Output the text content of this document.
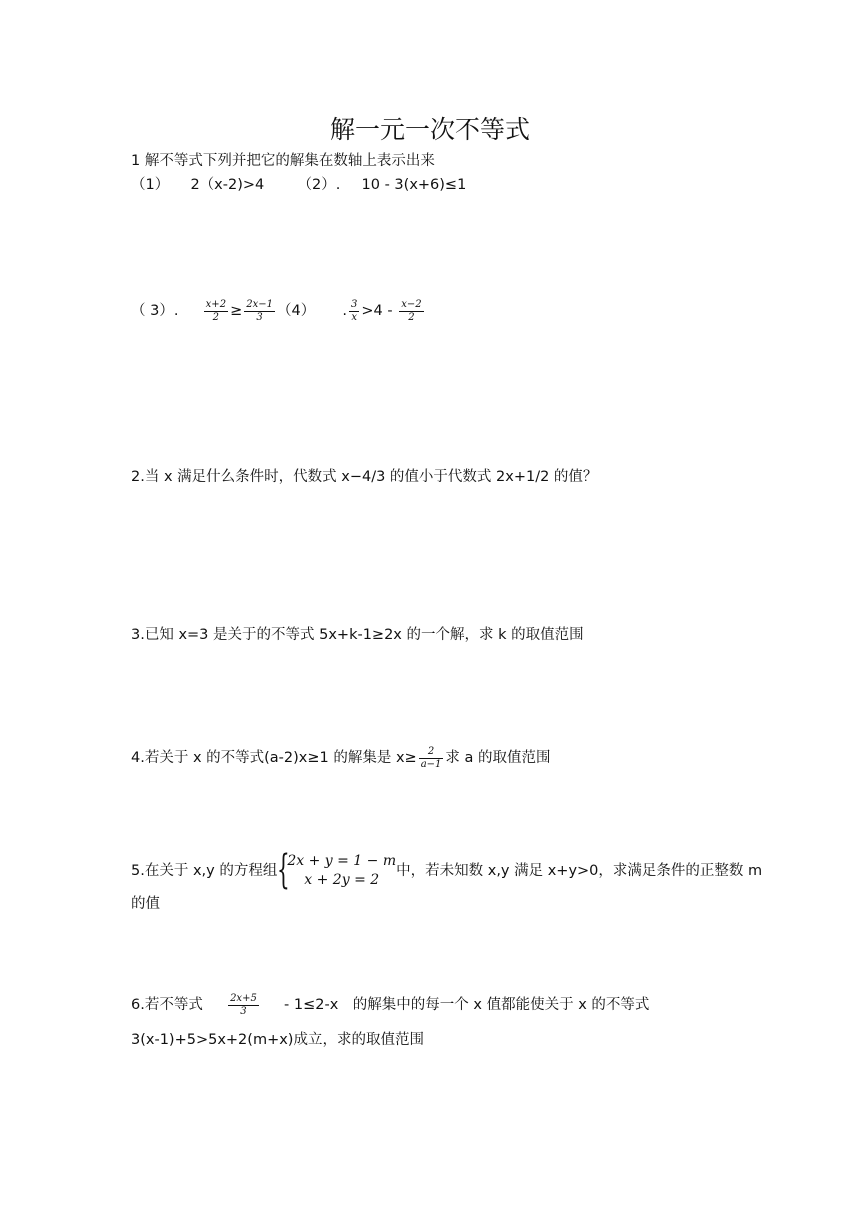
解一元一次不等式
1 解不等式下列并把它的解集在数轴上表示出来
（1） 2（x-2)>4 （2）. 10 - 3(x+6)≤1
（ 3）.	$\frac{x+2}{2} \ge \frac{2x-1}{3} (4)$ . $\frac{3}{x} >4 - \frac{x-2}{2}$
2.当 x 满足什么条件时，代数式 x−4/3 的值小于代数式 2x+1/2 的值？
3.已知 x=3 是关于的不等式 5x+k-1≥2x 的一个解，求 k 的取值范围
4.若关于 x 的不等式(a-2)x≥1 的解集是 $x\ge \frac{2}{a-1}$ 求 a 的取值范围
5.在关于 x,y 的方程组 {
2x + y = 1 − m
x + 2y = 2
中，若未知数 x,y 满足 x+y>0，求满足条件的正整数 m
的值
6.若不等式	$\frac{2x+5}{3} - 1\le 2-x$　的解集中的每一个 x 值都能使关于 x 的不等式
3(x-1)+5>5x+2(m+x)成立，求的取值范围
